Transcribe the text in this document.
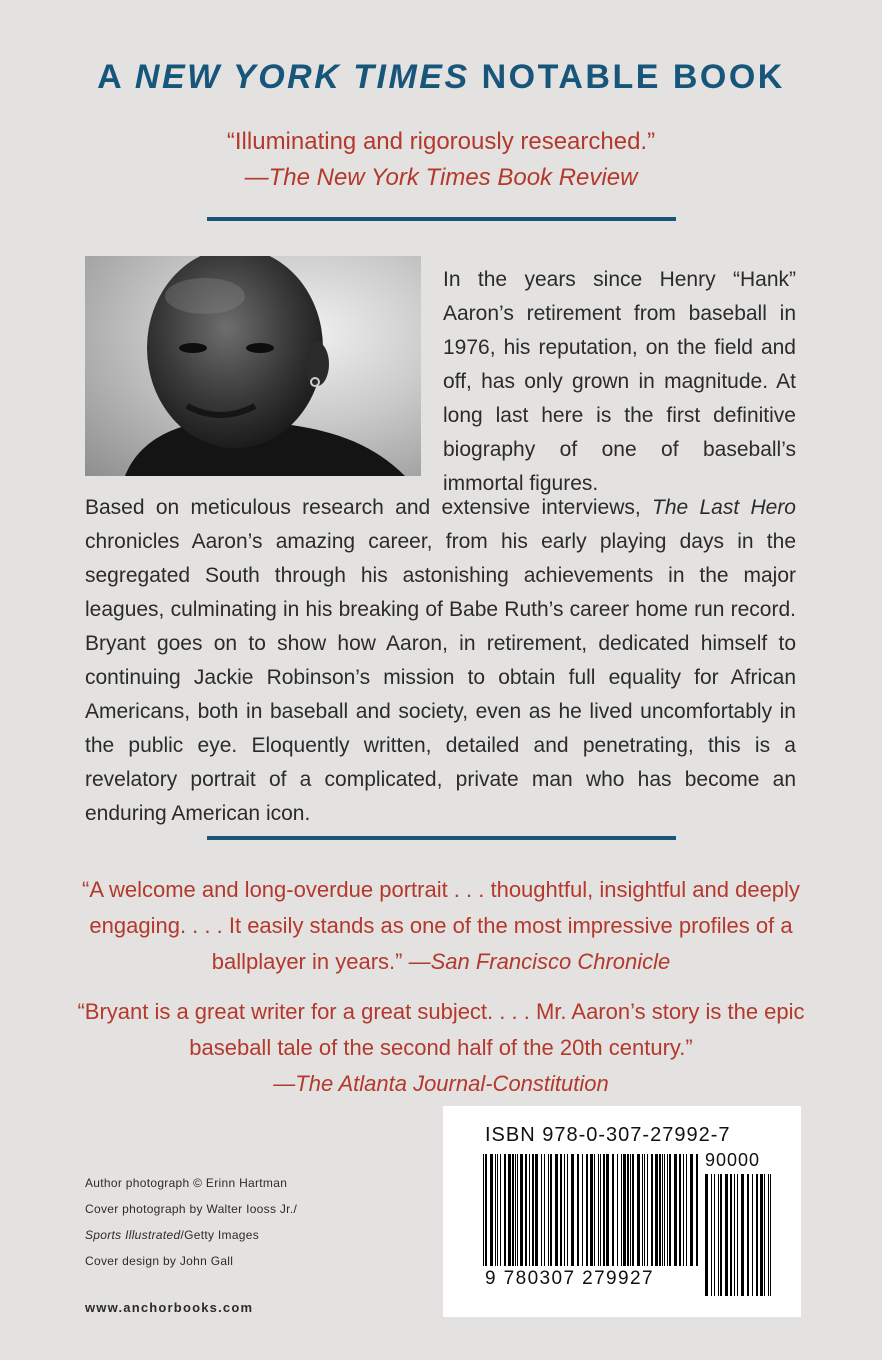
A NEW YORK TIMES NOTABLE BOOK
“Illuminating and rigorously researched.”
—The New York Times Book Review
In the years since Henry “Hank” Aaron’s retirement from baseball in 1976, his reputation, on the field and off, has only grown in magnitude. At long last here is the first definitive biography of one of baseball’s immortal figures.
Based on meticulous research and extensive interviews, The Last Hero chronicles Aaron’s amazing career, from his early playing days in the segregated South through his astonishing achievements in the major leagues, culminating in his breaking of Babe Ruth’s career home run record. Bryant goes on to show how Aaron, in retirement, dedicated himself to continuing Jackie Robinson’s mission to obtain full equality for African Americans, both in baseball and society, even as he lived uncomfortably in the public eye. Eloquently written, detailed and penetrating, this is a revelatory portrait of a complicated, private man who has become an enduring American icon.
“A welcome and long-overdue portrait . . . thoughtful, insightful and deeply engaging. . . . It easily stands as one of the most impressive profiles of a ballplayer in years.” —San Francisco Chronicle
“Bryant is a great writer for a great subject. . . . Mr. Aaron’s story is the epic baseball tale of the second half of the 20th century.”
—The Atlanta Journal-Constitution
Author photograph © Erinn Hartman
Cover photograph by Walter Iooss Jr./
Sports Illustrated/Getty Images
Cover design by John Gall
www.anchorbooks.com
ISBN 978-0-307-27992-7
90000
9 780307 279927
